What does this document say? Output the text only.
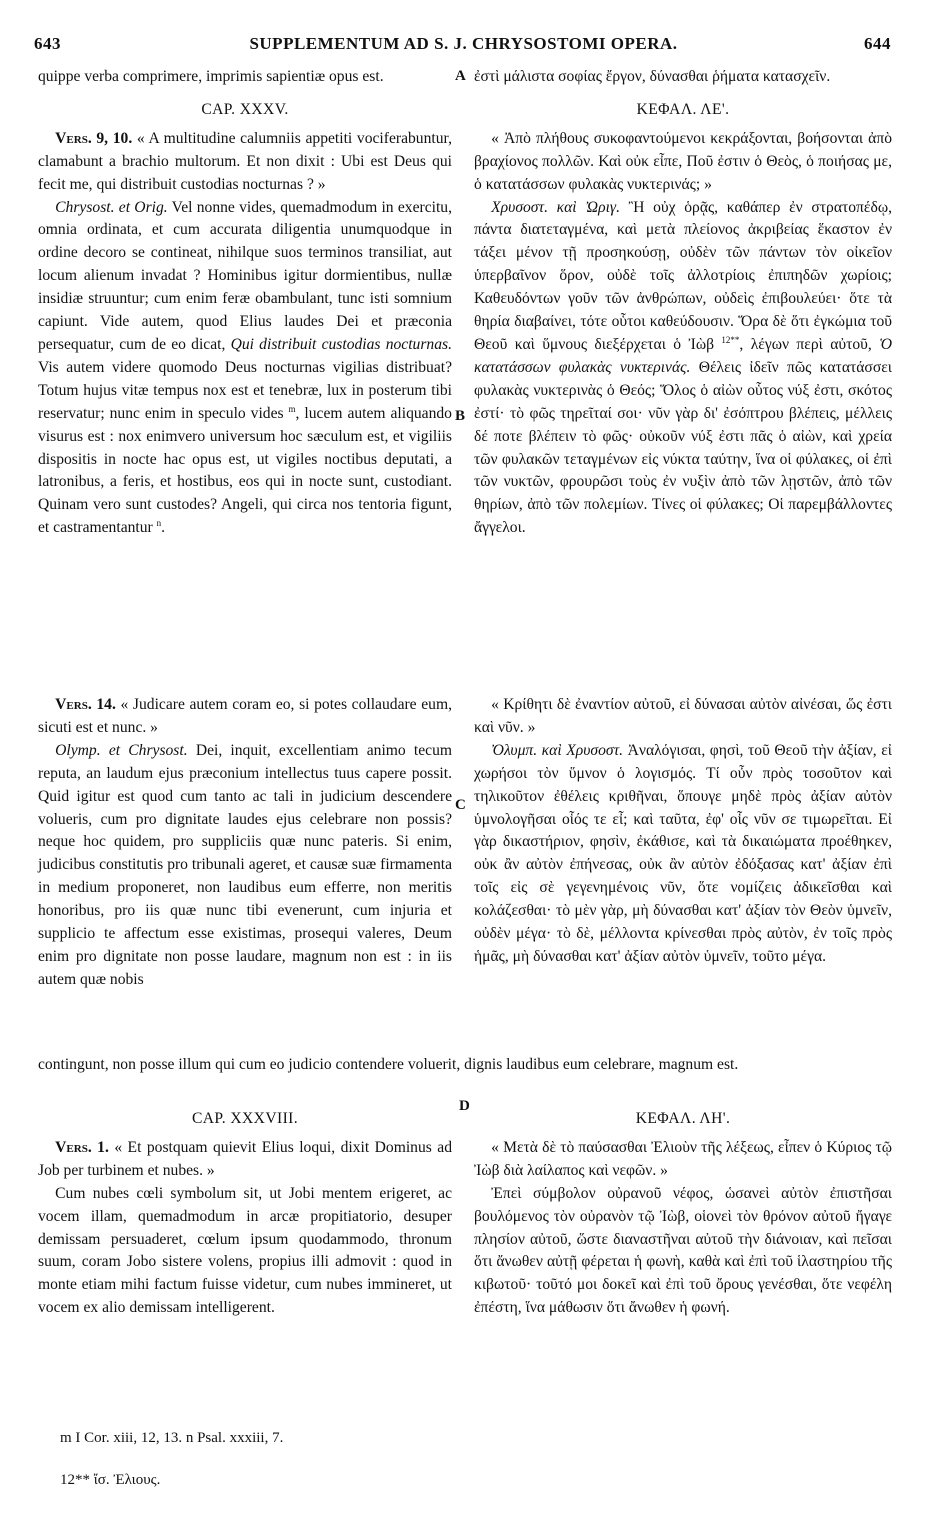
643	SUPPLEMENTUM AD S. J. CHRYSOSTOMI OPERA.	644
A
B
C
D

quippe verba comprimere, imprimis sapientiæ opus est.

CAP. XXXV.

Vers. 9, 10. « A multitudine calumniis appetiti vociferabuntur, clamabunt a brachio multorum. Et non dixit : Ubi est Deus qui fecit me, qui distribuit custodias nocturnas ? »

Chrysost. et Orig. Vel nonne vides, quemadmodum in exercitu, omnia ordinata, et cum accurata diligentia unumquodque in ordine decoro se contineat, nihilque suos terminos transiliat, aut locum alienum invadat ? Hominibus igitur dormientibus, nullæ insidiæ struuntur; cum enim feræ obambulant, tunc isti somnium capiunt. Vide autem, quod Elius laudes Dei et præconia persequatur, cum de eo dicat, Qui distribuit custodias nocturnas. Vis autem videre quomodo Deus nocturnas vigilias distribuat? Totum hujus vitæ tempus nox est et tenebræ, lux in posterum tibi reservatur; nunc enim in speculo vides $^m$, lucem autem aliquando visurus est : nox enimvero universum hoc sæculum est, et vigiliis dispositis in nocte hac opus est, ut vigiles noctibus deputati, a latronibus, a feris, et hostibus, eos qui in nocte sunt, custodiant. Quinam vero sunt custodes? Angeli, qui circa nos tentoria figunt, et castramentantur $^n$.

Vers. 14. « Judicare autem coram eo, si potes collaudare eum, sicuti est et nunc. »

Olymp. et Chrysost. Dei, inquit, excellentiam animo tecum reputa, an laudum ejus præconium intellectus tuus capere possit. Quid igitur est quod cum tanto ac tali in judicium descendere volueris, cum pro dignitate laudes ejus celebrare non possis? neque hoc quidem, pro suppliciis quæ nunc pateris. Si enim, judicibus constitutis pro tribunali ageret, et causæ suæ firmamenta in medium proponeret, non laudibus eum efferre, non meritis honoribus, pro iis quæ nunc tibi evenerunt, cum injuria et supplicio te affectum esse existimas, prosequi valeres, Deum enim pro dignitate non posse laudare, magnum non est : in iis autem quæ nobis

ἐστὶ μάλιστα σοφίας ἔργον, δύνασθαι ῥήματα κατασχεῖν.

ΚΕΦΑΛ. ΛΕ'.

« Ἀπὸ πλήθους συκοφαντούμενοι κεκράξονται, βοήσονται ἀπὸ βραχίονος πολλῶν. Καὶ οὐκ εἶπε, Ποῦ ἐστιν ὁ Θεὸς, ὁ ποιήσας με, ὁ κατατάσσων φυλακὰς νυκτερινάς; »

Χρυσοστ. καὶ Ὠριγ. Ἢ οὐχ ὁρᾷς, καθάπερ ἐν στρατοπέδῳ, πάντα διατεταγμένα, καὶ μετὰ πλείονος ἀκριβείας ἕκαστον ἐν τάξει μένον τῇ προσηκούσῃ, οὐδὲν τῶν πάντων τὸν οἰκεῖον ὑπερβαῖνον ὅρον, οὐδὲ τοῖς ἀλλοτρίοις ἐπιπηδῶν χωρίοις; Καθευδόντων γοῦν τῶν ἀνθρώπων, οὐδεὶς ἐπιβουλεύει· ὅτε τὰ θηρία διαβαίνει, τότε οὗτοι καθεύδουσιν. Ὅρα δὲ ὅτι ἐγκώμια τοῦ Θεοῦ καὶ ὕμνους διεξέρχεται ὁ Ἰὼβ $^{12**}$, λέγων περὶ αὐτοῦ, Ὁ κατατάσσων φυλακὰς νυκτερινάς. Θέλεις ἰδεῖν πῶς κατατάσσει φυλακὰς νυκτερινὰς ὁ Θεός; Ὅλος ὁ αἰὼν οὗτος νύξ ἐστι, σκότος ἐστί· τὸ φῶς τηρεῖταί σοι· νῦν γὰρ δι' ἐσόπτρου βλέπεις, μέλλεις δέ ποτε βλέπειν τὸ φῶς· οὐκοῦν νύξ ἐστι πᾶς ὁ αἰὼν, καὶ χρεία τῶν φυλακῶν τεταγμένων εἰς νύκτα ταύτην, ἵνα οἱ φύλακες, οἱ ἐπὶ τῶν νυκτῶν, φρουρῶσι τοὺς ἐν νυξὶν ἀπὸ τῶν λῃστῶν, ἀπὸ τῶν θηρίων, ἀπὸ τῶν πολεμίων. Τίνες οἱ φύλακες; Οἱ παρεμβάλλοντες ἄγγελοι.

« Κρίθητι δὲ ἐναντίον αὐτοῦ, εἰ δύνασαι αὐτὸν αἰνέσαι, ὥς ἐστι καὶ νῦν. »

Ὀλυμπ. καὶ Χρυσοστ. Ἀναλόγισαι, φησὶ, τοῦ Θεοῦ τὴν ἀξίαν, εἰ χωρήσοι τὸν ὕμνον ὁ λογισμός. Τί οὖν πρὸς τοσοῦτον καὶ τηλικοῦτον ἐθέλεις κριθῆναι, ὅπουγε μηδὲ πρὸς ἀξίαν αὐτὸν ὑμνολογῆσαι οἷός τε εἶ; καὶ ταῦτα, ἐφ' οἷς νῦν σε τιμωρεῖται. Εἰ γὰρ δικαστήριον, φησὶν, ἐκάθισε, καὶ τὰ δικαιώματα προέθηκεν, οὐκ ἂν αὐτὸν ἐπήνεσας, οὐκ ἂν αὐτὸν ἐδόξασας κατ' ἀξίαν ἐπὶ τοῖς εἰς σὲ γεγενημένοις νῦν, ὅτε νομίζεις ἀδικεῖσθαι καὶ κολάζεσθαι· τὸ μὲν γὰρ, μὴ δύνασθαι κατ' ἀξίαν τὸν Θεὸν ὑμνεῖν, οὐδὲν μέγα· τὸ δὲ, μέλλοντα κρίνεσθαι πρὸς αὐτὸν, ἐν τοῖς πρὸς ἡμᾶς, μὴ δύνασθαι κατ' ἀξίαν αὐτὸν ὑμνεῖν, τοῦτο μέγα.

contingunt, non posse illum qui cum eo judicio contendere voluerit, dignis laudibus eum celebrare, magnum est.

CAP. XXXVIII.

Vers. 1. « Et postquam quievit Elius loqui, dixit Dominus ad Job per turbinem et nubes. »

Cum nubes cœli symbolum sit, ut Jobi mentem erigeret, ac vocem illam, quemadmodum in arcæ propitiatorio, desuper demissam persuaderet, cœlum ipsum quodammodo, thronum suum, coram Jobo sistere volens, propius illi admovit : quod in monte etiam mihi factum fuisse videtur, cum nubes immineret, ut vocem ex alio demissam intelligerent.

ΚΕΦΑΛ. ΛΗ'.

« Μετὰ δὲ τὸ παύσασθαι Ἐλιοὺν τῆς λέξεως, εἶπεν ὁ Κύριος τῷ Ἰὼβ διὰ λαίλαπος καὶ νεφῶν. »

Ἐπεὶ σύμβολον οὐρανοῦ νέφος, ὡσανεὶ αὐτὸν ἐπιστῆσαι βουλόμενος τὸν οὐρανὸν τῷ Ἰὼβ, οἱονεὶ τὸν θρόνον αὐτοῦ ἤγαγε πλησίον αὐτοῦ, ὥστε διαναστῆναι αὐτοῦ τὴν διάνοιαν, καὶ πεῖσαι ὅτι ἄνωθεν αὐτῇ φέρεται ἡ φωνὴ, καθὰ καὶ ἐπὶ τοῦ ἱλαστηρίου τῆς κιβωτοῦ· τοῦτό μοι δοκεῖ καὶ ἐπὶ τοῦ ὄρους γενέσθαι, ὅτε νεφέλη ἐπέστη, ἵνα μάθωσιν ὅτι ἄνωθεν ἡ φωνή.

m I Cor. xiii, 12, 13. n Psal. xxxiii, 7.
12** ἴσ. Ἐλιους.
